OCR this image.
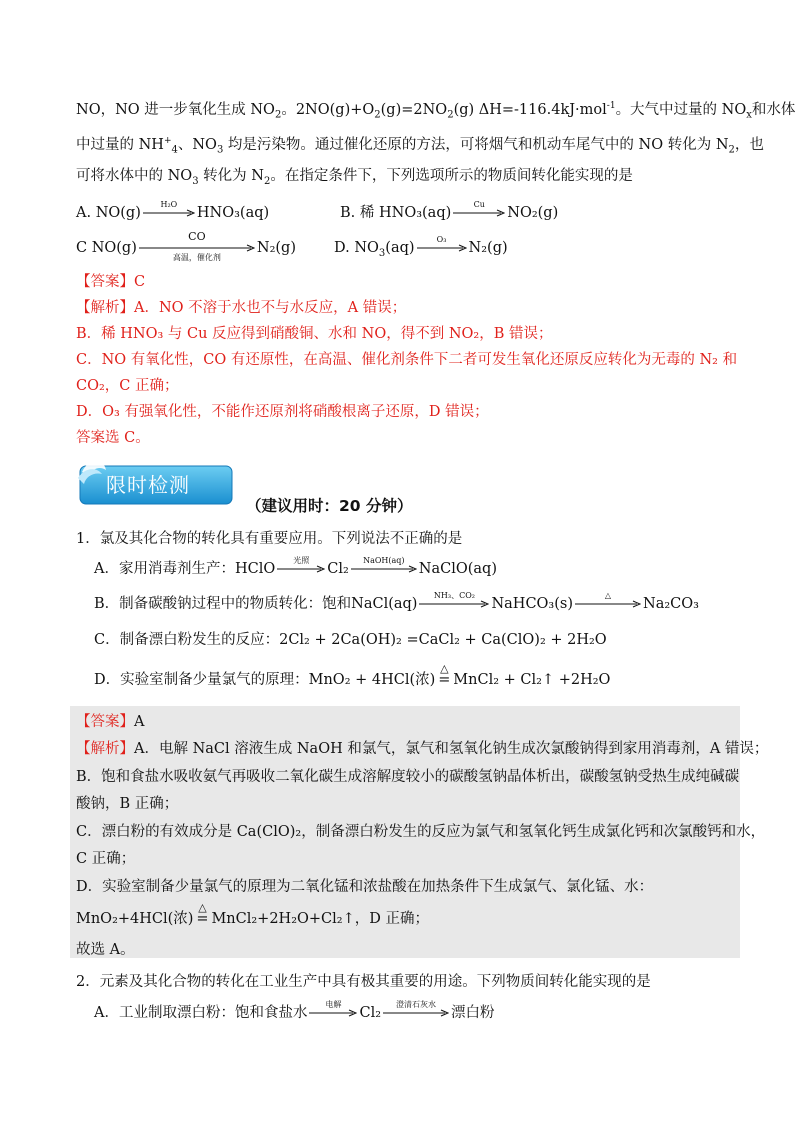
NO，NO 进一步氧化生成 $NO_2$。$2NO(g)+O_2(g)=2NO_2(g)$ ΔH=-116.4kJ·mol$^{-1}$。大气中过量的 $NO_x$和水体
中过量的 $NH^+_4$、$NO_3$ 均是污染物。通过催化还原的方法，可将烟气和机动车尾气中的 NO 转化为 $N_2$，也
可将水体中的 $NO_3$ 转化为 $N_2$。在指定条件下，下列选项所示的物质间转化能实现的是
A. NO(g)
H₂O
HNO₃(aq)	B. 稀 HNO₃(aq)
Cu
NO₂(g)
C NO(g)
CO
高温，催化剂
N₂(g)	D. $NO_3(aq)$
O₃
N₂(g)
【答案】C
【解析】A．NO 不溶于水也不与水反应，A 错误；
B．稀 HNO₃ 与 Cu 反应得到硝酸铜、水和 NO，得不到 NO₂，B 错误；
C．NO 有氧化性，CO 有还原性，在高温、催化剂条件下二者可发生氧化还原反应转化为无毒的 N₂ 和
CO₂，C 正确；
D．O₃ 有强氧化性，不能作还原剂将硝酸根离子还原，D 错误；
答案选 C。
限时检测
（建议用时：20 分钟）
1．氯及其化合物的转化具有重要应用。下列说法不正确的是
A．家用消毒剂生产：HClO
光照
Cl₂
NaOH(aq)
NaClO(aq)
B．制备碳酸钠过程中的物质转化：饱和NaCl(aq)
NH₃、CO₂
NaHCO₃(s)
△
Na₂CO₃
C．制备漂白粉发生的反应：2Cl₂ + 2Ca(OH)₂ =CaCl₂ + Ca(ClO)₂ + 2H₂O
D．实验室制备少量氯气的原理：MnO₂ + 4HCl(浓)
△
= MnCl₂ + Cl₂↑ +2H₂O
【答案】A
【解析】A．电解 NaCl 溶液生成 NaOH 和氯气，氯气和氢氧化钠生成次氯酸钠得到家用消毒剂，A 错误；
B．饱和食盐水吸收氨气再吸收二氧化碳生成溶解度较小的碳酸氢钠晶体析出，碳酸氢钠受热生成纯碱碳
酸钠，B 正确；
C．漂白粉的有效成分是 Ca(ClO)₂，制备漂白粉发生的反应为氯气和氢氧化钙生成氯化钙和次氯酸钙和水，
C 正确；
D．实验室制备少量氯气的原理为二氧化锰和浓盐酸在加热条件下生成氯气、氯化锰、水：
MnO₂+4HCl(浓)
△
= MnCl₂+2H₂O+Cl₂↑，D 正确；
故选 A。
2．元素及其化合物的转化在工业生产中具有极其重要的用途。下列物质间转化能实现的是
A．工业制取漂白粉：饱和食盐水
电解
Cl₂
澄清石灰水
漂白粉
